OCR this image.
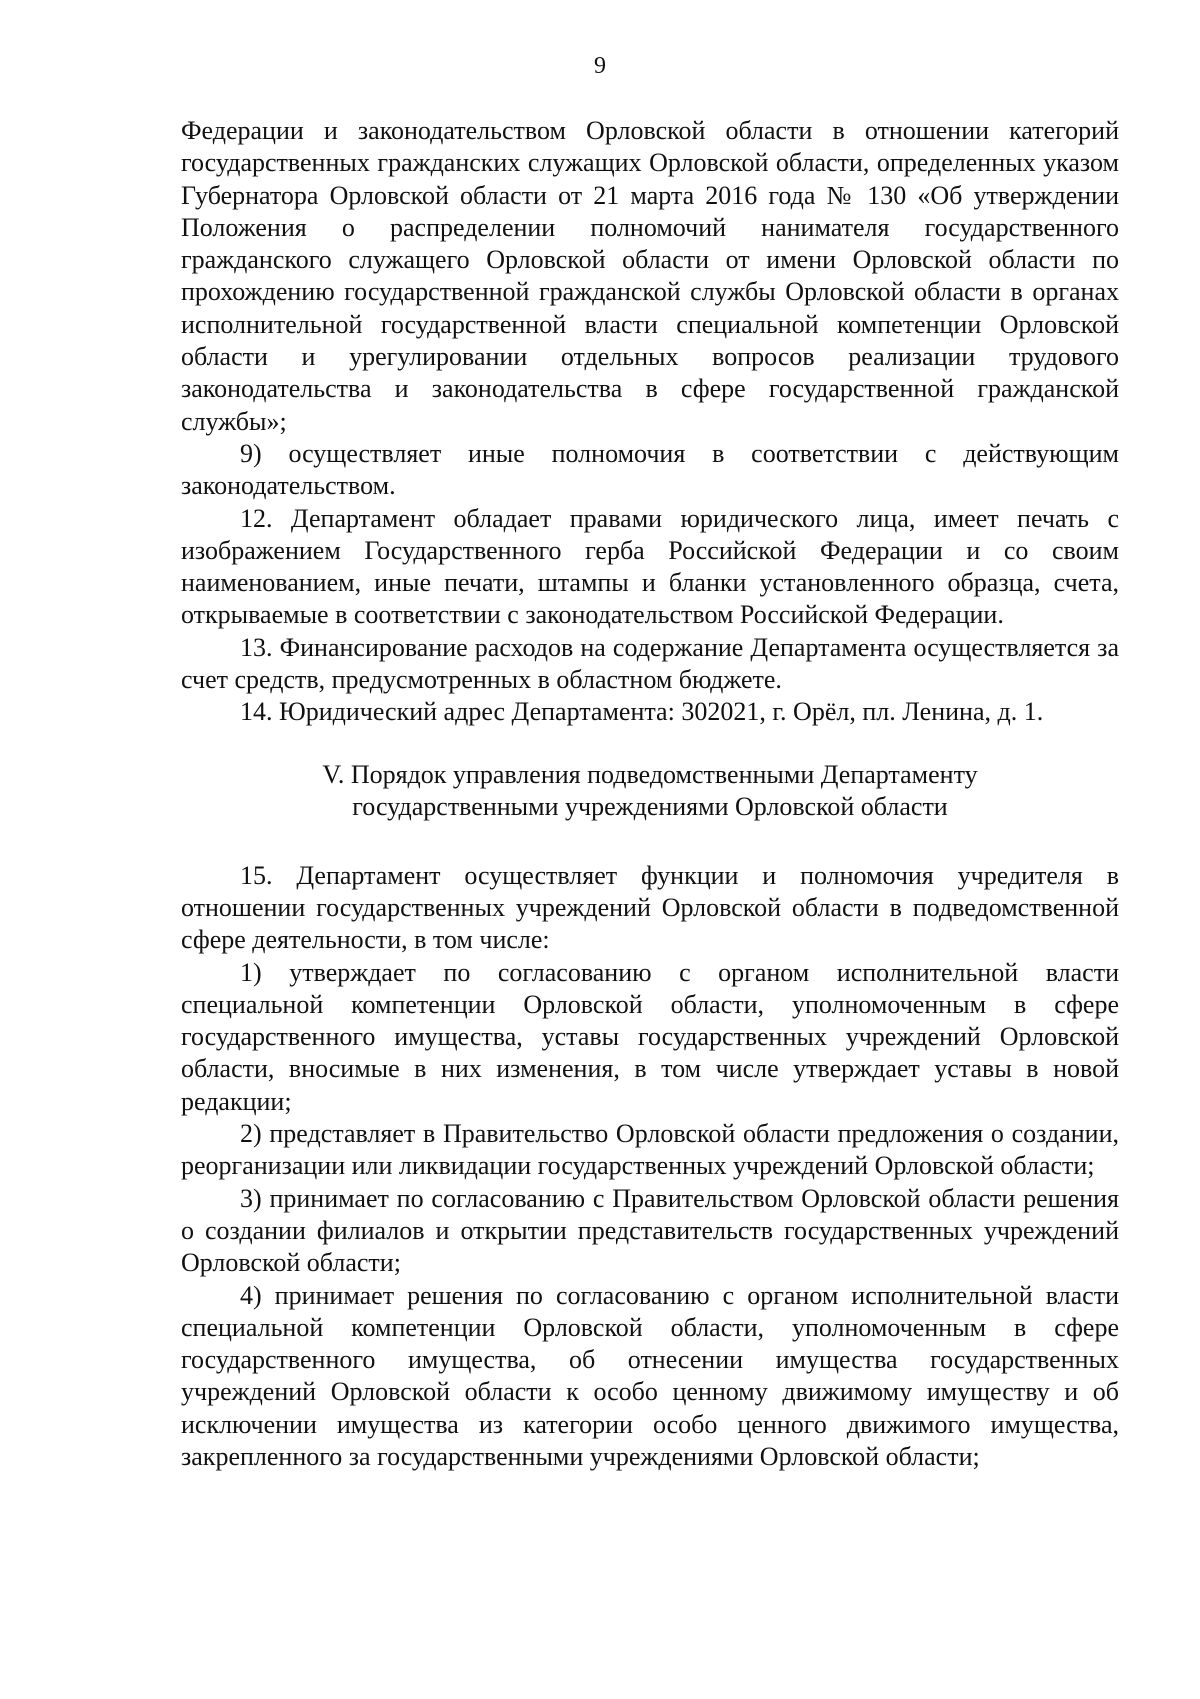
9

Федерации и законодательством Орловской области в отношении категорий государственных гражданских служащих Орловской области, определенных указом Губернатора Орловской области от 21 марта 2016 года № 130 «Об утверждении Положения о распределении полномочий нанимателя государственного гражданского служащего Орловской области от имени Орловской области по прохождению государственной гражданской службы Орловской области в органах исполнительной государственной власти специальной компетенции Орловской области и урегулировании отдельных вопросов реализации трудового законодательства и законодательства в сфере государственной гражданской службы»;

9) осуществляет иные полномочия в соответствии с действующим законодательством.

12. Департамент обладает правами юридического лица, имеет печать с изображением Государственного герба Российской Федерации и со своим наименованием, иные печати, штампы и бланки установленного образца, счета, открываемые в соответствии с законодательством Российской Федерации.

13. Финансирование расходов на содержание Департамента осуществляется за счет средств, предусмотренных в областном бюджете.

14. Юридический адрес Департамента: 302021, г. Орёл, пл. Ленина, д. 1.

V. Порядок управления подведомственными Департаменту

государственными учреждениями Орловской области

15. Департамент осуществляет функции и полномочия учредителя в отношении государственных учреждений Орловской области в подведомственной сфере деятельности, в том числе:

1) утверждает по согласованию с органом исполнительной власти специальной компетенции Орловской области, уполномоченным в сфере государственного имущества, уставы государственных учреждений Орловской области, вносимые в них изменения, в том числе утверждает уставы в новой редакции;

2) представляет в Правительство Орловской области предложения о создании, реорганизации или ликвидации государственных учреждений Орловской области;

3) принимает по согласованию с Правительством Орловской области решения о создании филиалов и открытии представительств государственных учреждений Орловской области;

4) принимает решения по согласованию с органом исполнительной власти специальной компетенции Орловской области, уполномоченным в сфере государственного имущества, об отнесении имущества государственных учреждений Орловской области к особо ценному движимому имуществу и об исключении имущества из категории особо ценного движимого имущества, закрепленного за государственными учреждениями Орловской области;
